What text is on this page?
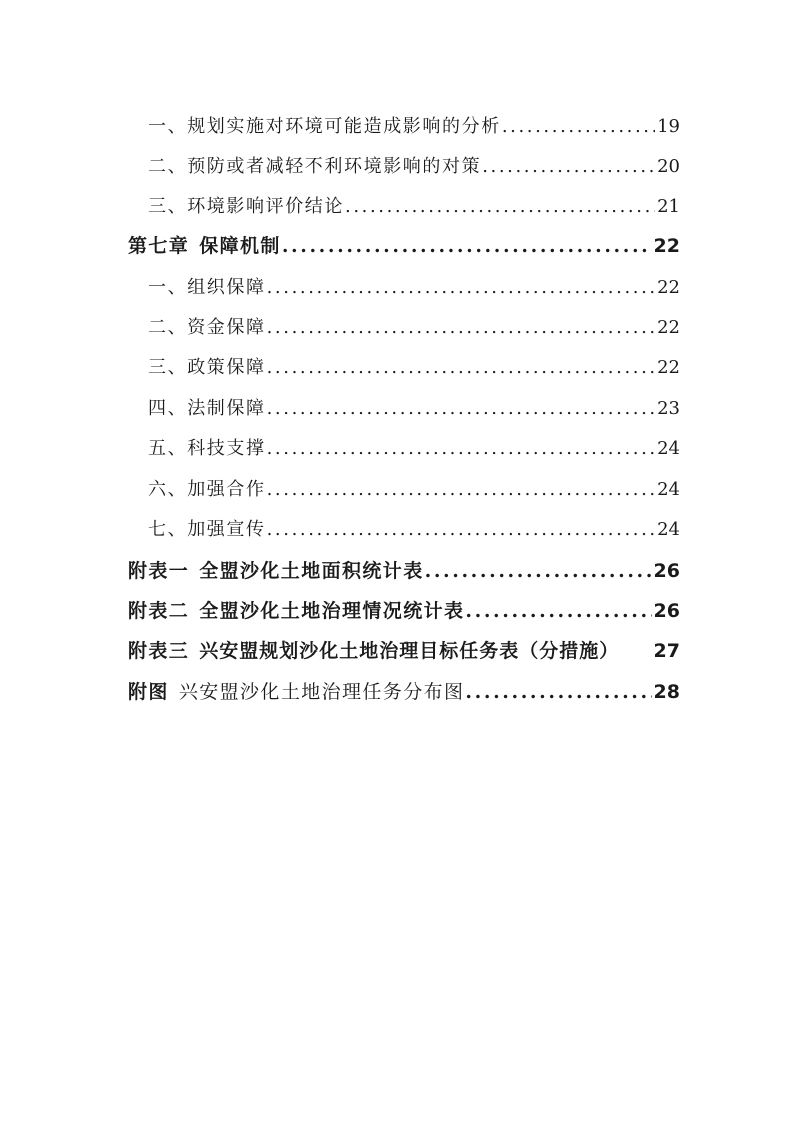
一、规划实施对环境可能造成影响的分析 .....	19
二、预防或者减轻不利环境影响的对策 .....	20
三、环境影响评价结论 .....	21
第七章 保障机制 .....	22
一、组织保障 .....	22
二、资金保障 .....	22
三、政策保障 .....	22
四、法制保障 .....	23
五、科技支撑 .....	24
六、加强合作 .....	24
七、加强宣传 .....	24
附表一 全盟沙化土地面积统计表 .....	26
附表二 全盟沙化土地治理情况统计表 .....	26
附表三 兴安盟规划沙化土地治理目标任务表（分措施）	27
附图 兴安盟沙化土地治理任务分布图 .....	28
